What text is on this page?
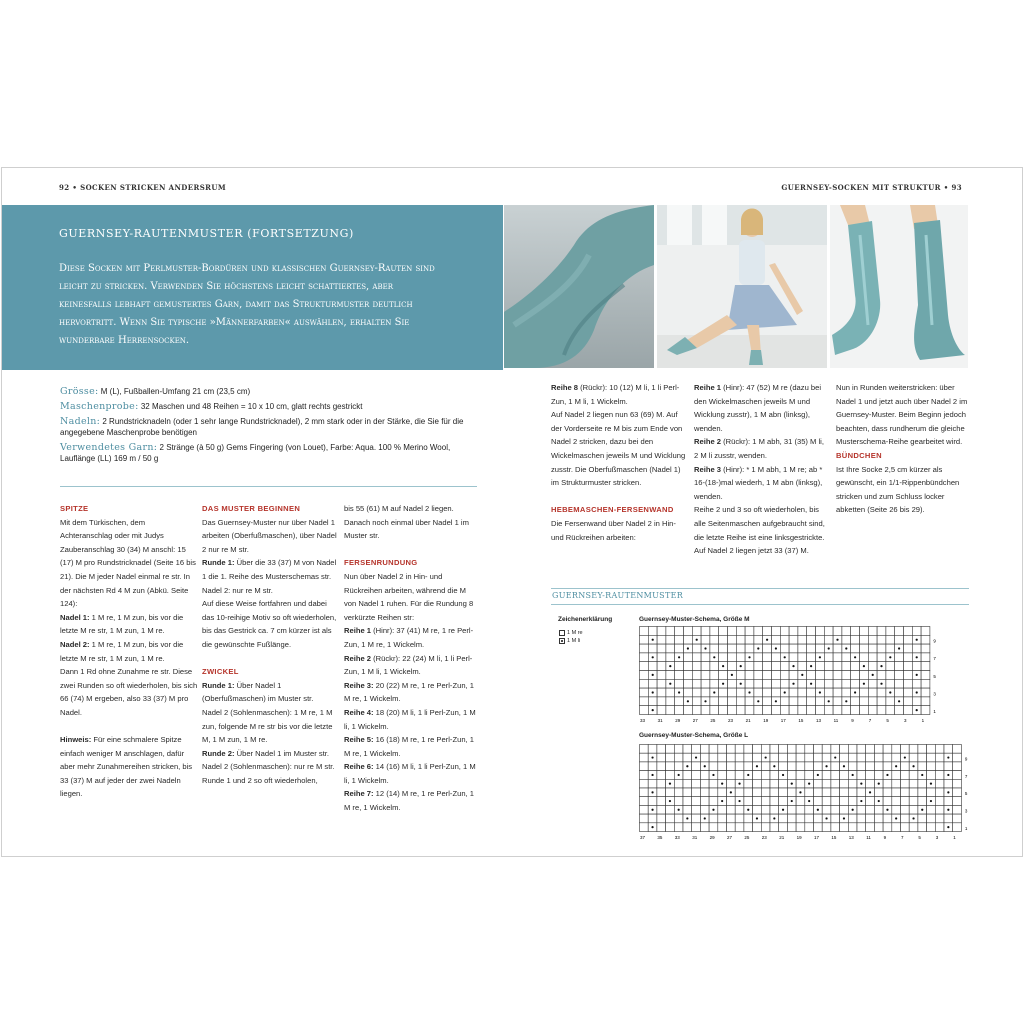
92 • SOCKEN STRICKEN ANDERSRUM	GUERNSEY-SOCKEN MIT STRUKTUR • 93
GUERNSEY-RAUTENMUSTER (FORTSETZUNG)
Diese Socken mit Perlmuster-Bordüren und klassischen Guernsey-Rauten sind leicht zu stricken. Verwenden Sie höchstens leicht schattiertes, aber keinesfalls lebhaft gemustertes Garn, damit das Strukturmuster deutlich hervortritt. Wenn Sie typische »Männerfarben« auswählen, erhalten Sie wunderbare Herrensocken.
Grösse: M (L), Fußballen-Umfang 21 cm (23,5 cm)
Maschenprobe: 32 Maschen und 48 Reihen = 10 x 10 cm, glatt rechts gestrickt
Nadeln: 2 Rundstricknadeln (oder 1 sehr lange Rundstricknadel), 2 mm stark oder in der Stärke, die Sie für die angegebene Maschenprobe benötigen
Verwendetes Garn: 2 Stränge (à 50 g) Gems Fingering (von Louet), Farbe: Aqua. 100 % Merino Wool, Lauflänge (LL) 169 m / 50 g
SPITZE

Mit dem Türkischen, dem Achteranschlag oder mit Judys Zauberanschlag 30 (34) M anschl: 15 (17) M pro Rundstricknadel (Seite 16 bis 21). Die M jeder Nadel einmal re str. In der nächsten Rd 4 M zun (Abkü. Seite 124):

Nadel 1: 1 M re, 1 M zun, bis vor die letzte M re str, 1 M zun, 1 M re.

Nadel 2: 1 M re, 1 M zun, bis vor die letzte M re str, 1 M zun, 1 M re.

Dann 1 Rd ohne Zunahme re str. Diese zwei Runden so oft wiederholen, bis sich 66 (74) M ergeben, also 33 (37) M pro Nadel.

Hinweis: Für eine schmalere Spitze einfach weniger M anschlagen, dafür aber mehr Zunahmereihen stricken, bis 33 (37) M auf jeder der zwei Nadeln liegen.

DAS MUSTER BEGINNEN

Das Guernsey-Muster nur über Nadel 1 arbeiten (Oberfußmaschen), über Nadel 2 nur re M str.

Runde 1: Über die 33 (37) M von Nadel 1 die 1. Reihe des Musterschemas str. Nadel 2: nur re M str.

Auf diese Weise fortfahren und dabei das 10-reihige Motiv so oft wiederholen, bis das Gestrick ca. 7 cm kürzer ist als die gewünschte Fußlänge.

ZWICKEL

Runde 1: Über Nadel 1 (Oberfußmaschen) im Muster str.

Nadel 2 (Sohlenmaschen): 1 M re, 1 M zun, folgende M re str bis vor die letzte M, 1 M zun, 1 M re.

Runde 2: Über Nadel 1 im Muster str. Nadel 2 (Sohlenmaschen): nur re M str.

Runde 1 und 2 so oft wiederholen,

bis 55 (61) M auf Nadel 2 liegen. Danach noch einmal über Nadel 1 im Muster str.

FERSENRUNDUNG

Nun über Nadel 2 in Hin- und Rückreihen arbeiten, während die M von Nadel 1 ruhen. Für die Rundung 8 verkürzte Reihen str:

Reihe 1 (Hinr): 37 (41) M re, 1 re Perl-Zun, 1 M re, 1 Wickelm.

Reihe 2 (Rückr): 22 (24) M li, 1 li Perl-Zun, 1 M li, 1 Wickelm.

Reihe 3: 20 (22) M re, 1 re Perl-Zun, 1 M re, 1 Wickelm.

Reihe 4: 18 (20) M li, 1 li Perl-Zun, 1 M li, 1 Wickelm.

Reihe 5: 16 (18) M re, 1 re Perl-Zun, 1 M re, 1 Wickelm.

Reihe 6: 14 (16) M li, 1 li Perl-Zun, 1 M li, 1 Wickelm.

Reihe 7: 12 (14) M re, 1 re Perl-Zun, 1 M re, 1 Wickelm.

Reihe 8 (Rückr): 10 (12) M li, 1 li Perl-Zun, 1 M li, 1 Wickelm.

Auf Nadel 2 liegen nun 63 (69) M. Auf der Vorderseite re M bis zum Ende von Nadel 2 stricken, dazu bei den Wickelmaschen jeweils M und Wicklung zusstr. Die Oberfußmaschen (Nadel 1) im Strukturmuster stricken.

HEBEMASCHEN-FERSENWAND

Die Fersenwand über Nadel 2 in Hin- und Rückreihen arbeiten:

Reihe 1 (Hinr): 47 (52) M re (dazu bei den Wickelmaschen jeweils M und Wicklung zusstr), 1 M abn (linksg), wenden.

Reihe 2 (Rückr): 1 M abh, 31 (35) M li, 2 M li zusstr, wenden.

Reihe 3 (Hinr): * 1 M abh, 1 M re; ab * 16-(18-)mal wiederh, 1 M abn (linksg), wenden.

Reihe 2 und 3 so oft wiederholen, bis alle Seitenmaschen aufgebraucht sind, die letzte Reihe ist eine linksgestrickte. Auf Nadel 2 liegen jetzt 33 (37) M.

Nun in Runden weiterstricken: über Nadel 1 und jetzt auch über Nadel 2 im Guernsey-Muster. Beim Beginn jedoch beachten, dass rundherum die gleiche Musterschema-Reihe gearbeitet wird.

BÜNDCHEN

Ist Ihre Socke 2,5 cm kürzer als gewünscht, ein 1/1-Rippenbündchen stricken und zum Schluss locker abketten (Seite 26 bis 29).

GUERNSEY-RAUTENMUSTER
Zeichenerklärung
1 M re
1 M li
Guernsey-Muster-Schema, Größe M
9
7
5
3
1
33	31	29	27	25	23	21	19	17	15	13	11	9	7	5	3	1
Guernsey-Muster-Schema, Größe L
9
7
5
3
1
37	35	33	31	29	27	25	23	21	19	17	15	13	11	9	7	5	3	1
